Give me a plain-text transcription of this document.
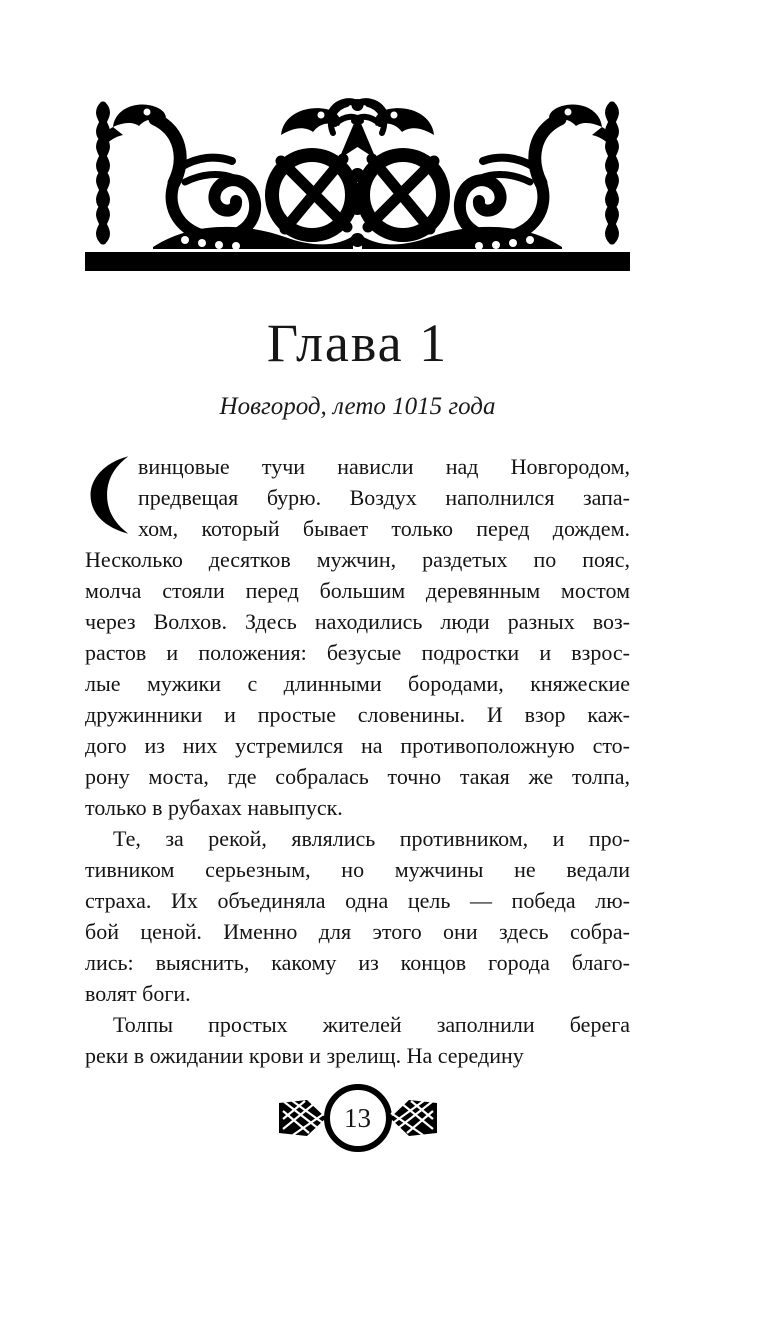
Глава 1
Новгород, лето 1015 года
винцовые тучи нависли над Новгородом,
предвещая бурю. Воздух наполнился запа-
хом, который бывает только перед дождем.
Несколько десятков мужчин, раздетых по пояс,
молча стояли перед большим деревянным мостом
через Волхов. Здесь находились люди разных воз-
растов и положения: безусые подростки и взрос-
лые мужики с длинными бородами, княжеские
дружинники и простые словенины. И взор каж-
дого из них устремился на противоположную сто-
рону моста, где собралась точно такая же толпа,
только в рубахах навыпуск.
Те, за рекой, являлись противником, и про-
тивником серьезным, но мужчины не ведали
страха. Их объединяла одна цель — победа лю-
бой ценой. Именно для этого они здесь собра-
лись: выяснить, какому из концов города благо-
волят боги.
Толпы простых жителей заполнили берега
реки в ожидании крови и зрелищ. На середину
13
